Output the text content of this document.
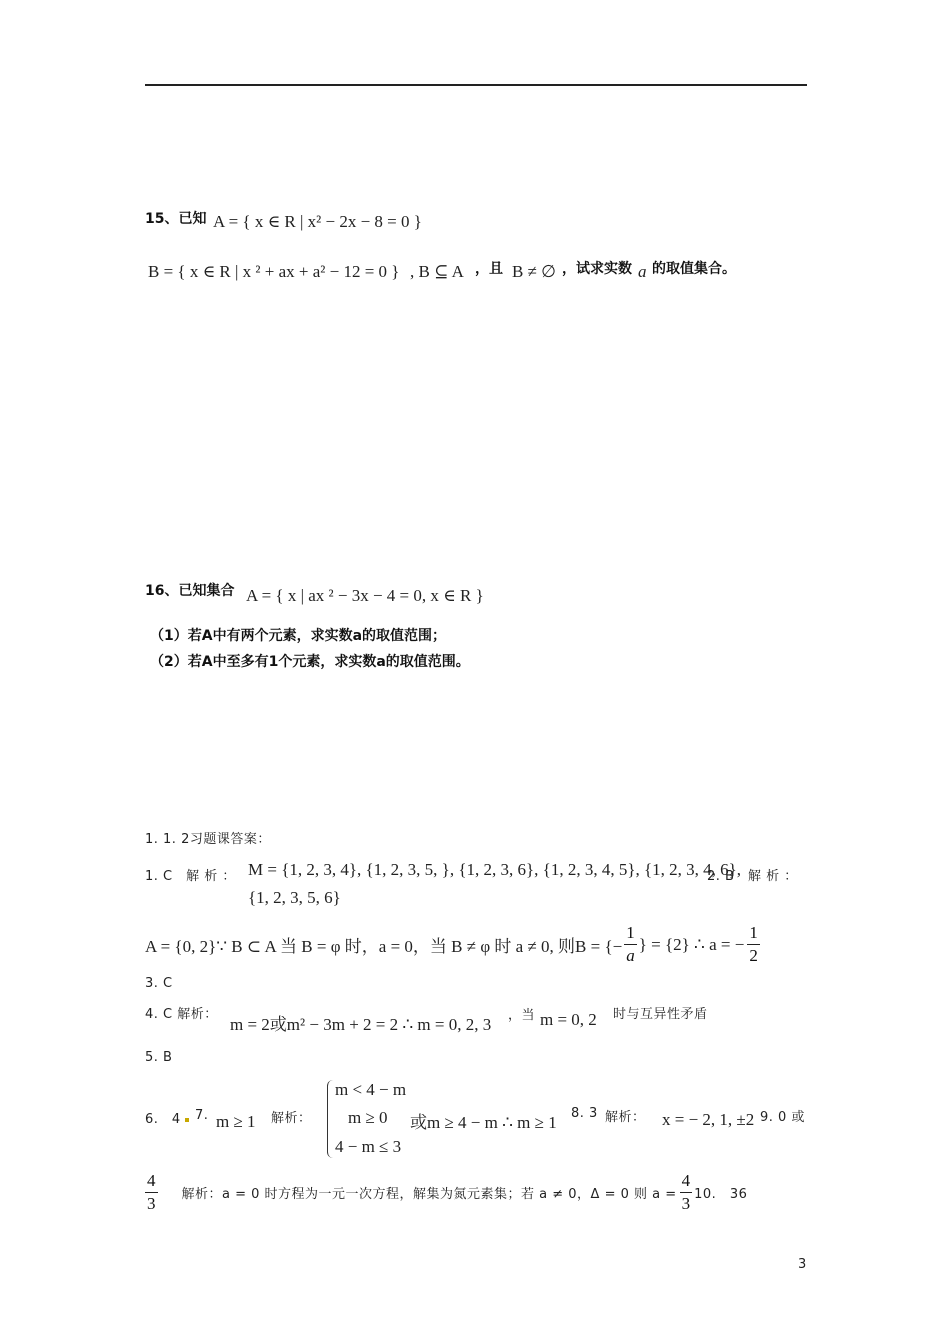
15、已知 A = { x ∈ R | x² − 2x − 8 = 0 }
B = { x ∈ R | x ² + ax + a² − 12 = 0 } , B ⊆ A ，且 B ≠ ∅ ，试求实数 a 的取值集合。
16、已知集合 A = { x | ax ² − 3x − 4 = 0, x ∈ R }
（1）若A中有两个元素，求实数a的取值范围；
（2）若A中至多有1个元素，求实数a的取值范围。
1. 1. 2习题课答案：
1. C　解 析 ： M = {1, 2, 3, 4}, {1, 2, 3, 5, }, {1, 2, 3, 6}, {1, 2, 3, 4, 5}, {1, 2, 3, 4, 6},
2. B　解 析 ：
{1, 2, 3, 5, 6}
A = {0, 2}∵ B ⊂ A 当 B = φ 时，a = 0，当 B ≠ φ 时 a ≠ 0, 则B = {− $\frac{1}{a}$ } = {2} ∴ a = − $\frac{1}{2}$
3. C
4. C 解析：
m = 2或m² − 3m + 2 = 2 ∴ m = 0, 2, 3 ，当 m = 0, 2 时与互异性矛盾
5. B
6.　4 7. m ≥ 1 解析：
m < 4 − m
m ≥ 0
4 − m ≤ 3
或m ≥ 4 − m ∴ m ≥ 1 8. 3 解析： x = − 2, 1, ±2 9. 0 或
$\frac{4}{3}$ 解析：a = 0 时方程为一元一次方程，解集为氮元素集；若 a ≠ 0，Δ = 0 则 $a = \frac{4}{3} 10$.　36
3
